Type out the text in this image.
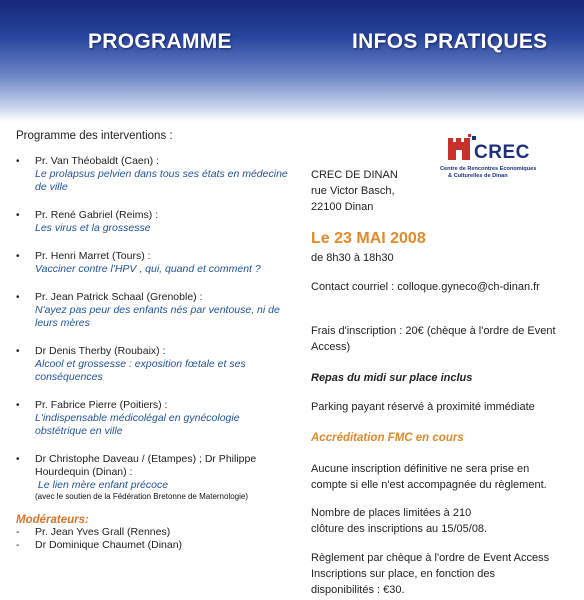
PROGRAMME	INFOS PRATIQUES
Programme des interventions :
• Pr. Van Théobaldt (Caen) :
Le prolapsus pelvien dans tous ses états en médecine
de ville
• Pr. René Gabriel (Reims) :
Les virus et la grossesse
• Pr. Henri Marret (Tours) :
Vacciner contre l'HPV , qui, quand et comment ?
• Pr. Jean Patrick Schaal (Grenoble) :
N'ayez pas peur des enfants nés par ventouse, ni de
leurs mères
• Dr Denis Therby (Roubaix) :
Alcool et grossesse : exposition fœtale et ses
conséquences
• Pr. Fabrice Pierre (Poitiers) :
L'indispensable médicolégal en gynécologie
obstétrique en ville
• Dr Christophe Daveau / (Etampes) ; Dr Philippe
Hourdequin (Dinan) :
Le lien mère enfant précoce
(avec le soutien de la Fédération Bretonne de Maternologie)
Modérateurs:
- Pr. Jean Yves Grall (Rennes)
- Dr Dominique Chaumet (Dinan)
CREC
Centre de Rencontres Economiques
& Culturelles de Dinan
CREC DE DINAN
rue Victor Basch,
22100 Dinan
Le 23 MAI 2008
de 8h30 à 18h30
Contact courriel : colloque.gyneco@ch-dinan.fr
Frais d'inscription : 20€ (chèque à l'ordre de Event
Access)
Repas du midi sur place inclus
Parking payant réservé à proximité immédiate
Accréditation FMC en cours
Aucune inscription définitive ne sera prise en
compte si elle n'est accompagnée du règlement.
Nombre de places limitées à 210
clôture des inscriptions au 15/05/08.
Règlement par chèque à l'ordre de Event Access
Inscriptions sur place, en fonction des
disponibilités : €30.
